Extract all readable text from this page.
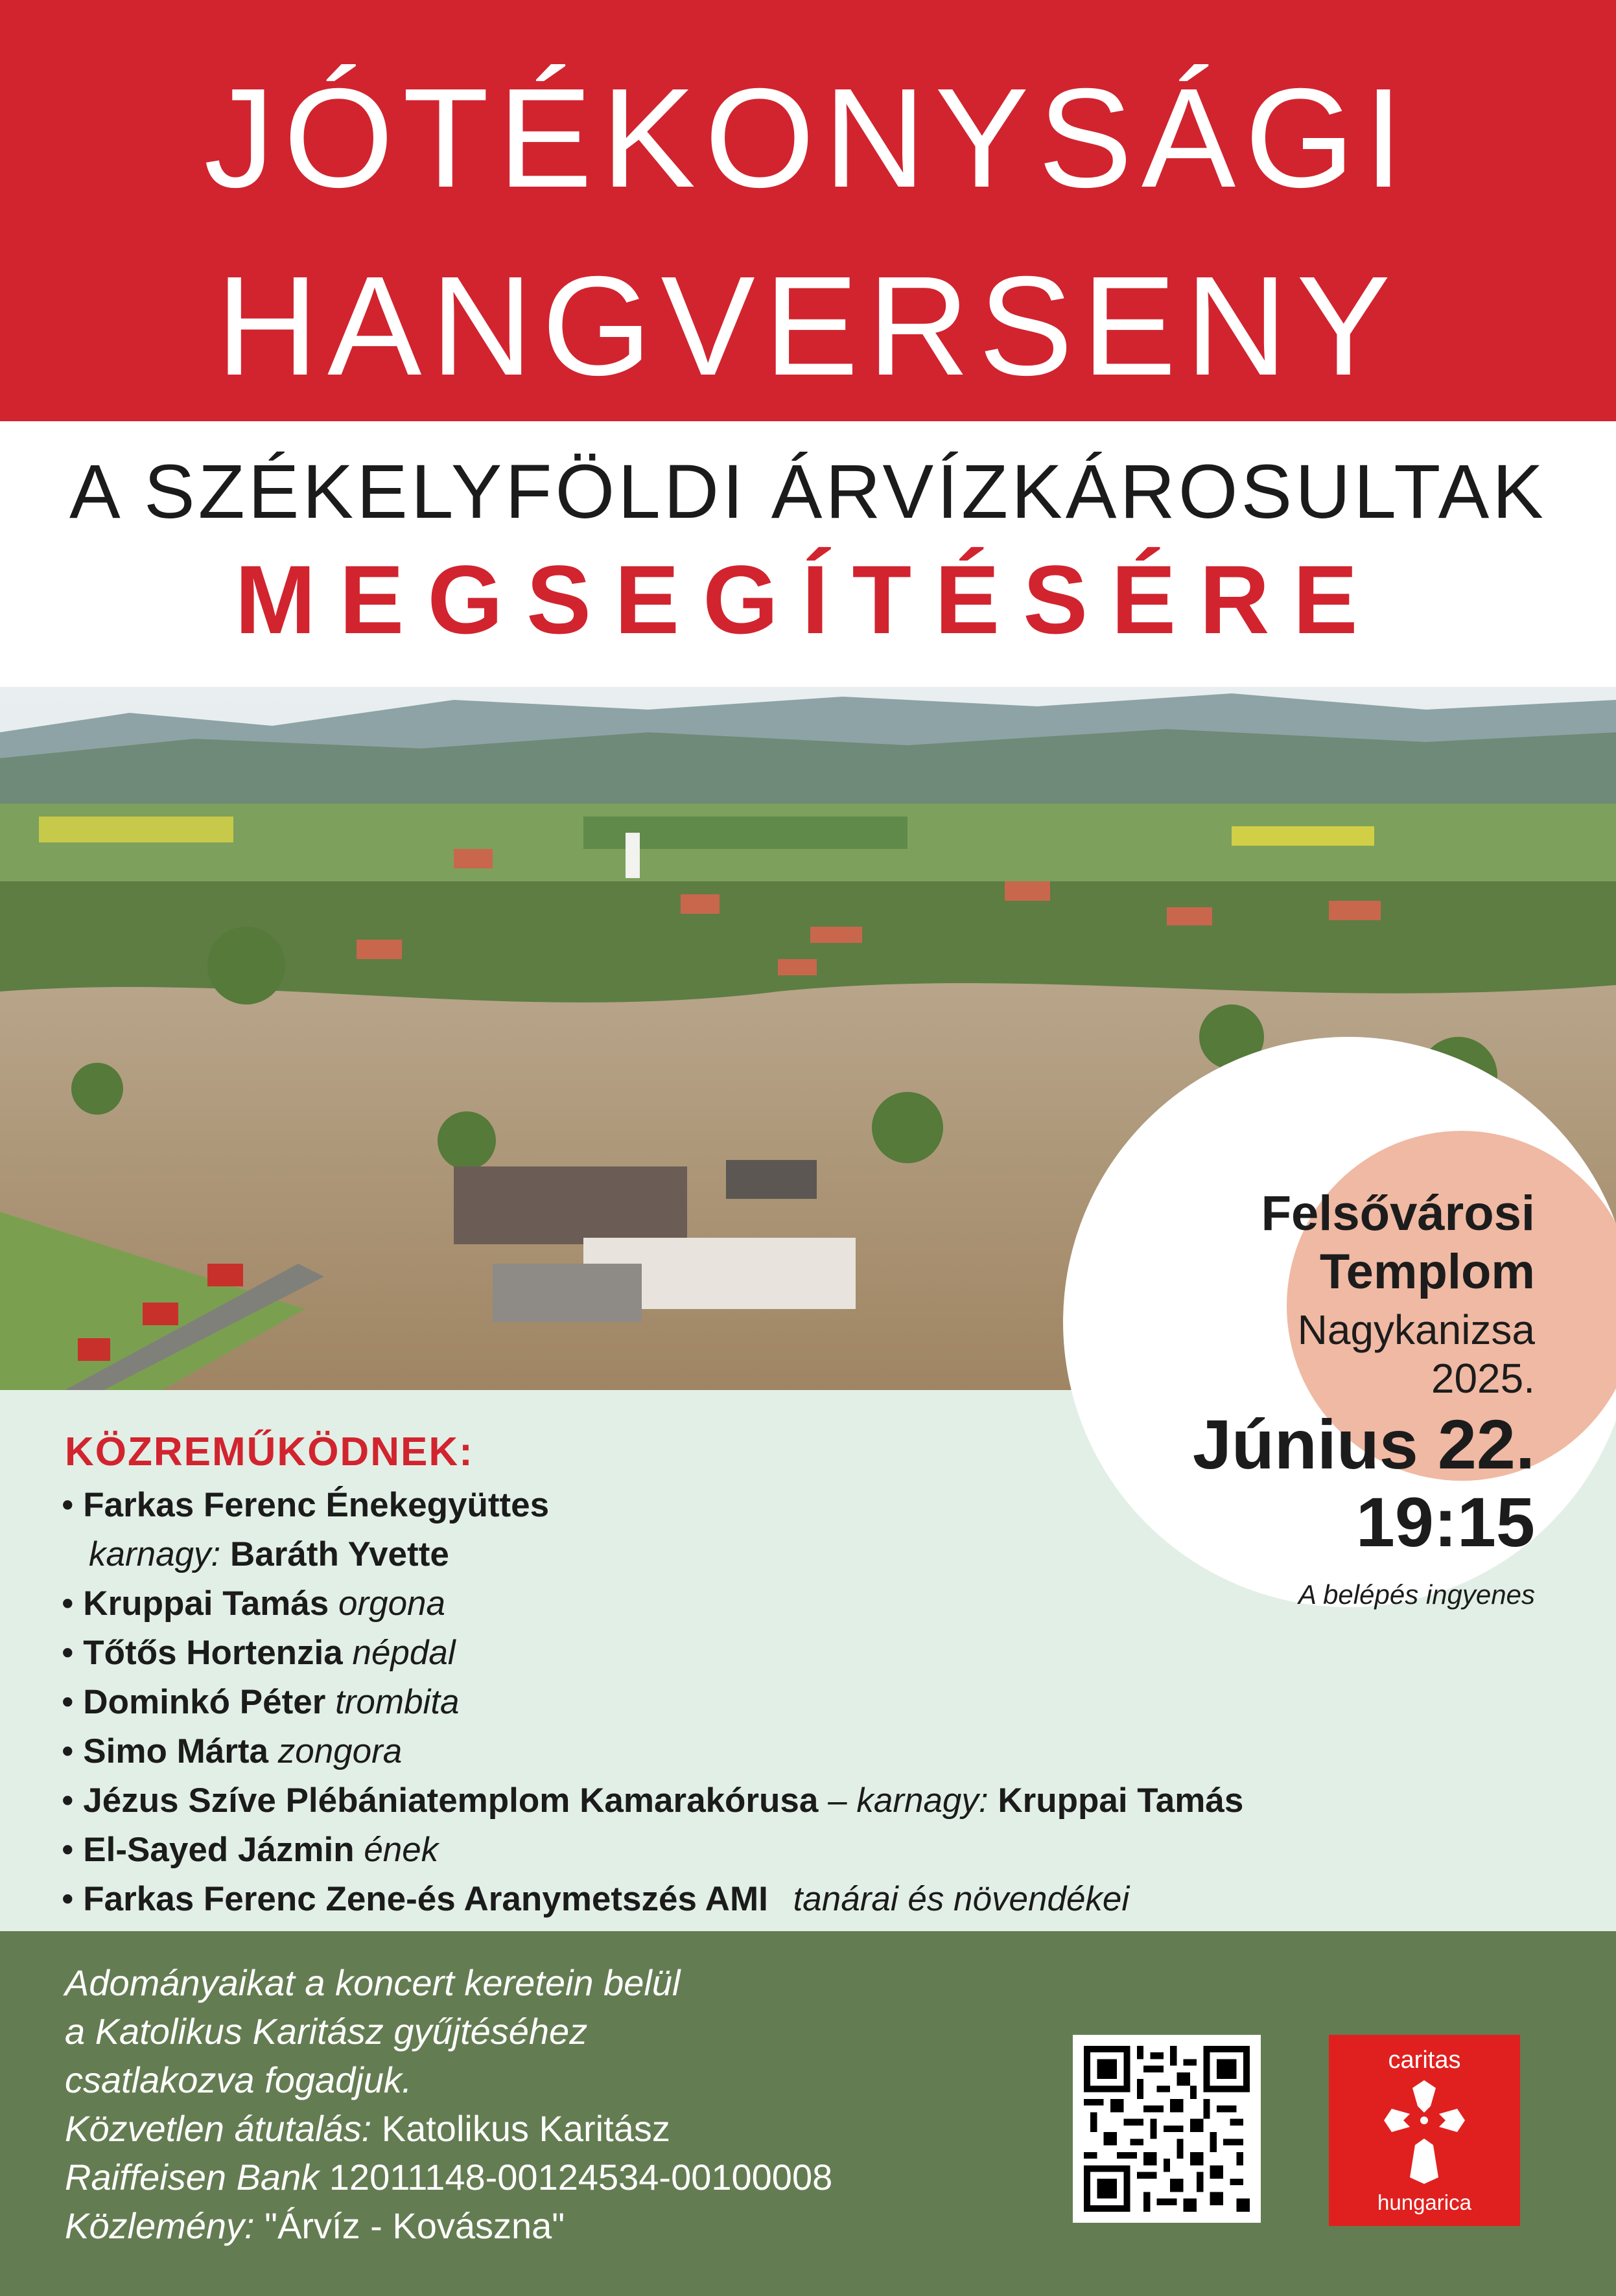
JÓTÉKONYSÁGI
HANGVERSENY
A SZÉKELYFÖLDI ÁRVÍZKÁROSULTAK
MEGSEGÍTÉSÉRE
Felsővárosi
Templom
Nagykanizsa
2025.
Június 22.
19:15
A belépés ingyenes
KÖZREMŰKÖDNEK:
• Farkas Ferenc Énekegyüttes
karnagy: Baráth Yvette
• Kruppai Tamás orgona
• Tőtős Hortenzia népdal
• Dominkó Péter trombita
• Simo Márta zongora
• Jézus Szíve Plébániatemplom Kamarakórusa – karnagy: Kruppai Tamás
• El-Sayed Jázmin ének
• Farkas Ferenc Zene-és Aranymetszés AMI tanárai és növendékei
Adományaikat a koncert keretein belül
a Katolikus Karitász gyűjtéséhez
csatlakozva fogadjuk.
Közvetlen átutalás: Katolikus Karitász
Raiffeisen Bank 12011148-00124534-00100008
Közlemény: "Árvíz - Kovászna"
caritas
hungarica
